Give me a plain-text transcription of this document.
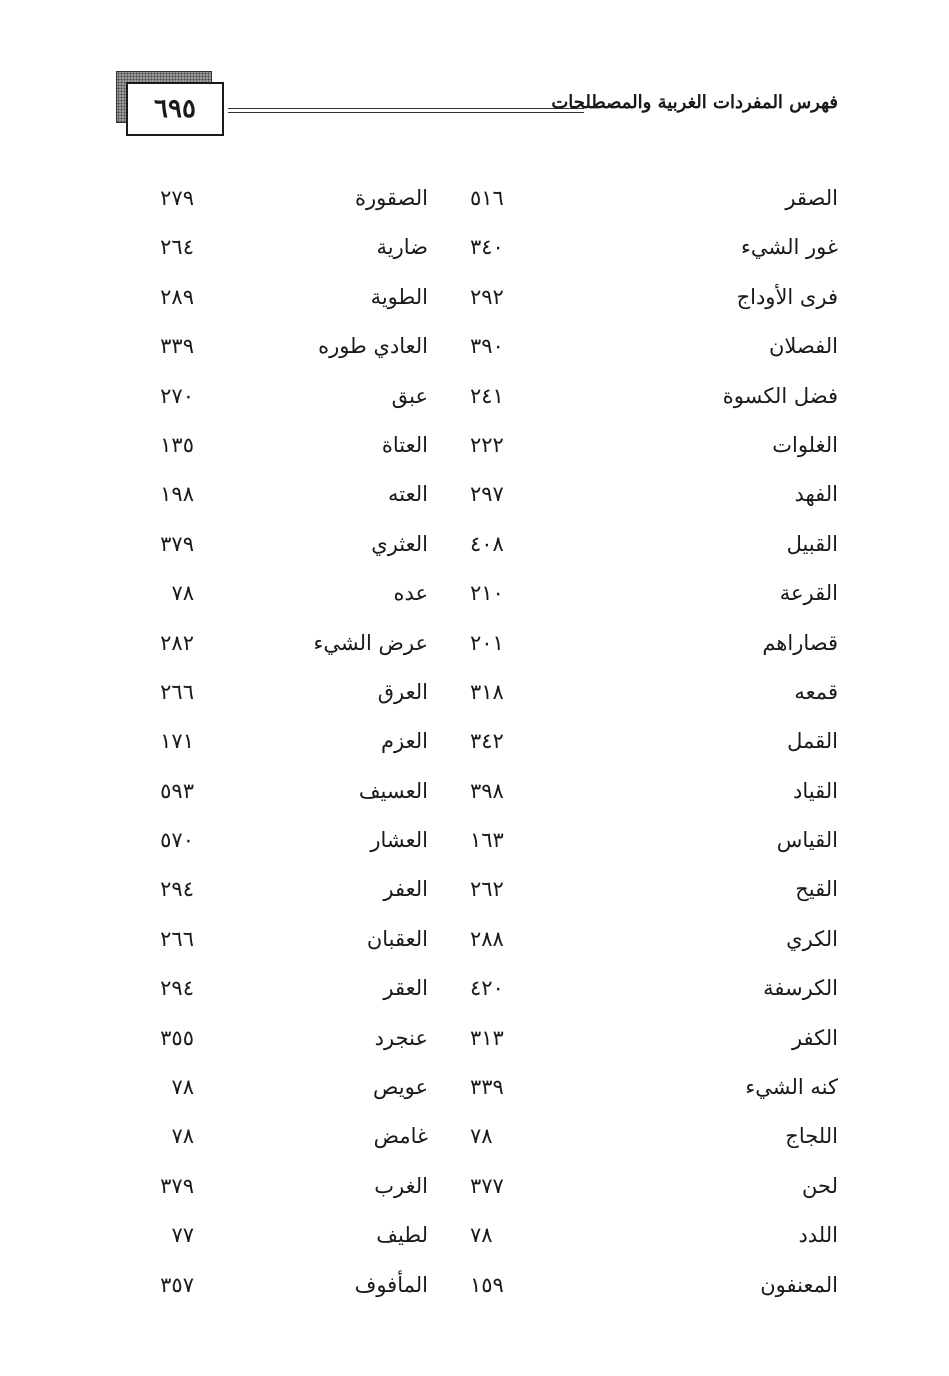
٦٩٥	فهرس المفردات الغربية والمصطلحات
الصقر
٥١٦
الصقورة
٢٧٩
غور الشيء
٣٤٠
ضارية
٢٦٤
فرى الأوداج
٢٩٢
الطوية
٢٨٩
الفصلان
٣٩٠
العادي طوره
٣٣٩
فضل الكسوة
٢٤١
عبق
٢٧٠
الغلوات
٢٢٢
العتاة
١٣٥
الفهد
٢٩٧
العته
١٩٨
القبيل
٤٠٨
العثري
٣٧٩
القرعة
٢١٠
عده
٧٨
قصاراهم
٢٠١
عرض الشيء
٢٨٢
قمعه
٣١٨
العرق
٢٦٦
القمل
٣٤٢
العزم
١٧١
القياد
٣٩٨
العسيف
٥٩٣
القياس
١٦٣
العشار
٥٧٠
القيح
٢٦٢
العفر
٢٩٤
الكري
٢٨٨
العقبان
٢٦٦
الكرسفة
٤٢٠
العقر
٢٩٤
الكفر
٣١٣
عنجرد
٣٥٥
كنه الشيء
٣٣٩
عويص
٧٨
اللجاج
٧٨
غامض
٧٨
لحن
٣٧٧
الغرب
٣٧٩
اللدد
٧٨
لطيف
٧٧
المعنفون
١٥٩
المأفوف
٣٥٧
